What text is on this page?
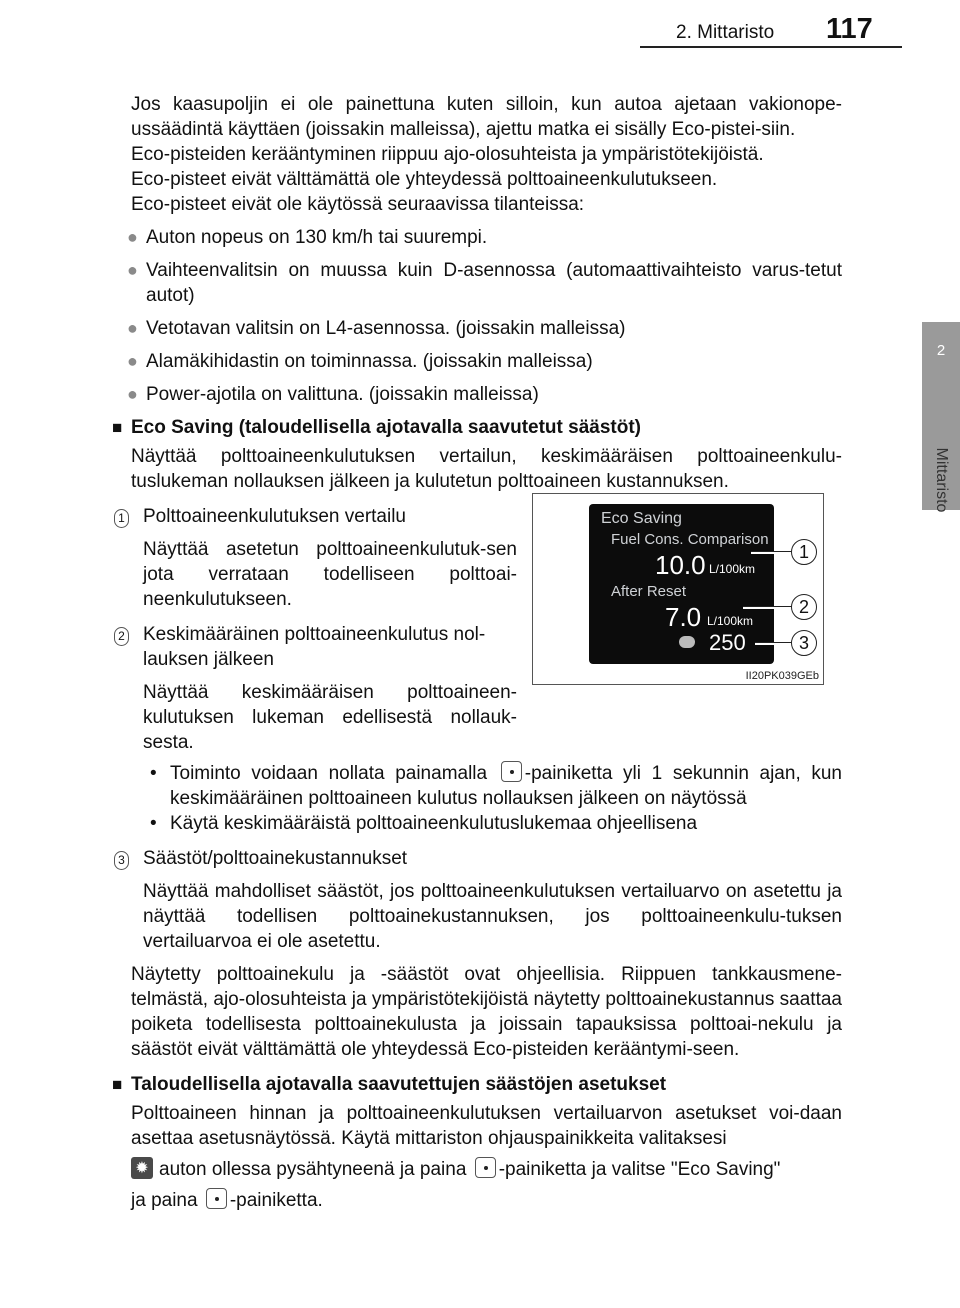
2. Mittaristo 117
2
Mittaristo

Jos kaasupoljin ei ole painettuna kuten silloin, kun autoa ajetaan vakionope-ussäädintä käyttäen (joissakin malleissa), ajettu matka ei sisälly Eco-pistei-siin.

Eco-pisteiden kerääntyminen riippuu ajo-olosuhteista ja ympäristötekijöistä.

Eco-pisteet eivät välttämättä ole yhteydessä polttoaineenkulutukseen.

Eco-pisteet eivät ole käytössä seuraavissa tilanteissa:

● Auton nopeus on 130 km/h tai suurempi.
● Vaihteenvalitsin on muussa kuin D-asennossa (automaattivaihteisto varus-tetut autot)
● Vetotavan valitsin on L4-asennossa. (joissakin malleissa)
● Alamäkihidastin on toiminnassa. (joissakin malleissa)
● Power-ajotila on valittuna. (joissakin malleissa)
■ Eco Saving (taloudellisella ajotavalla saavutetut säästöt)

Näyttää polttoaineenkulutuksen vertailun, keskimääräisen polttoaineenkulu-tuslukeman nollauksen jälkeen ja kulutetun polttoaineen kustannuksen.

1 Polttoaineenkulutuksen vertailu

Näyttää asetetun polttoaineenkulutuk-sen jota verrataan todelliseen polttoai-neenkulutukseen.

2 Keskimääräinen polttoaineenkulutus nol-lauksen jälkeen

Näyttää keskimääräisen polttoaineen-kulutuksen lukeman edellisestä nollauk-sesta.

• Toiminto voidaan nollata painamalla -painiketta yli 1 sekunnin ajan, kun keskimääräinen polttoaineen kulutus nollauksen jälkeen on näytössä
• Käytä keskimääräistä polttoaineenkulutuslukemaa ohjeellisena
3 Säästöt/polttoainekustannukset

Näyttää mahdolliset säästöt, jos polttoaineenkulutuksen vertailuarvo on asetettu ja näyttää todellisen polttoainekustannuksen, jos polttoaineenkulu-tuksen vertailuarvoa ei ole asetettu.

Näytetty polttoainekulu ja -säästöt ovat ohjeellisia. Riippuen tankkausmene-telmästä, ajo-olosuhteista ja ympäristötekijöistä näytetty polttoainekustannus saattaa poiketa todellisesta polttoainekulusta ja joissain tapauksissa polttoai-nekulu ja säästöt eivät välttämättä ole yhteydessä Eco-pisteiden kerääntymi-seen.

■ Taloudellisella ajotavalla saavutettujen säästöjen asetukset

Polttoaineen hinnan ja polttoaineenkulutuksen vertailuarvon asetukset voi-daan asettaa asetusnäytössä. Käytä mittariston ohjauspainikkeita valitaksesi

✹auton ollessa pysähtyneenä ja paina -painiketta ja valitse "Eco Saving"

ja paina -painiketta.

Eco Saving
Fuel Cons. Comparison
10.0 L/100km
After Reset
7.0 L/100km
250
1
2
3
II20PK039GEb
